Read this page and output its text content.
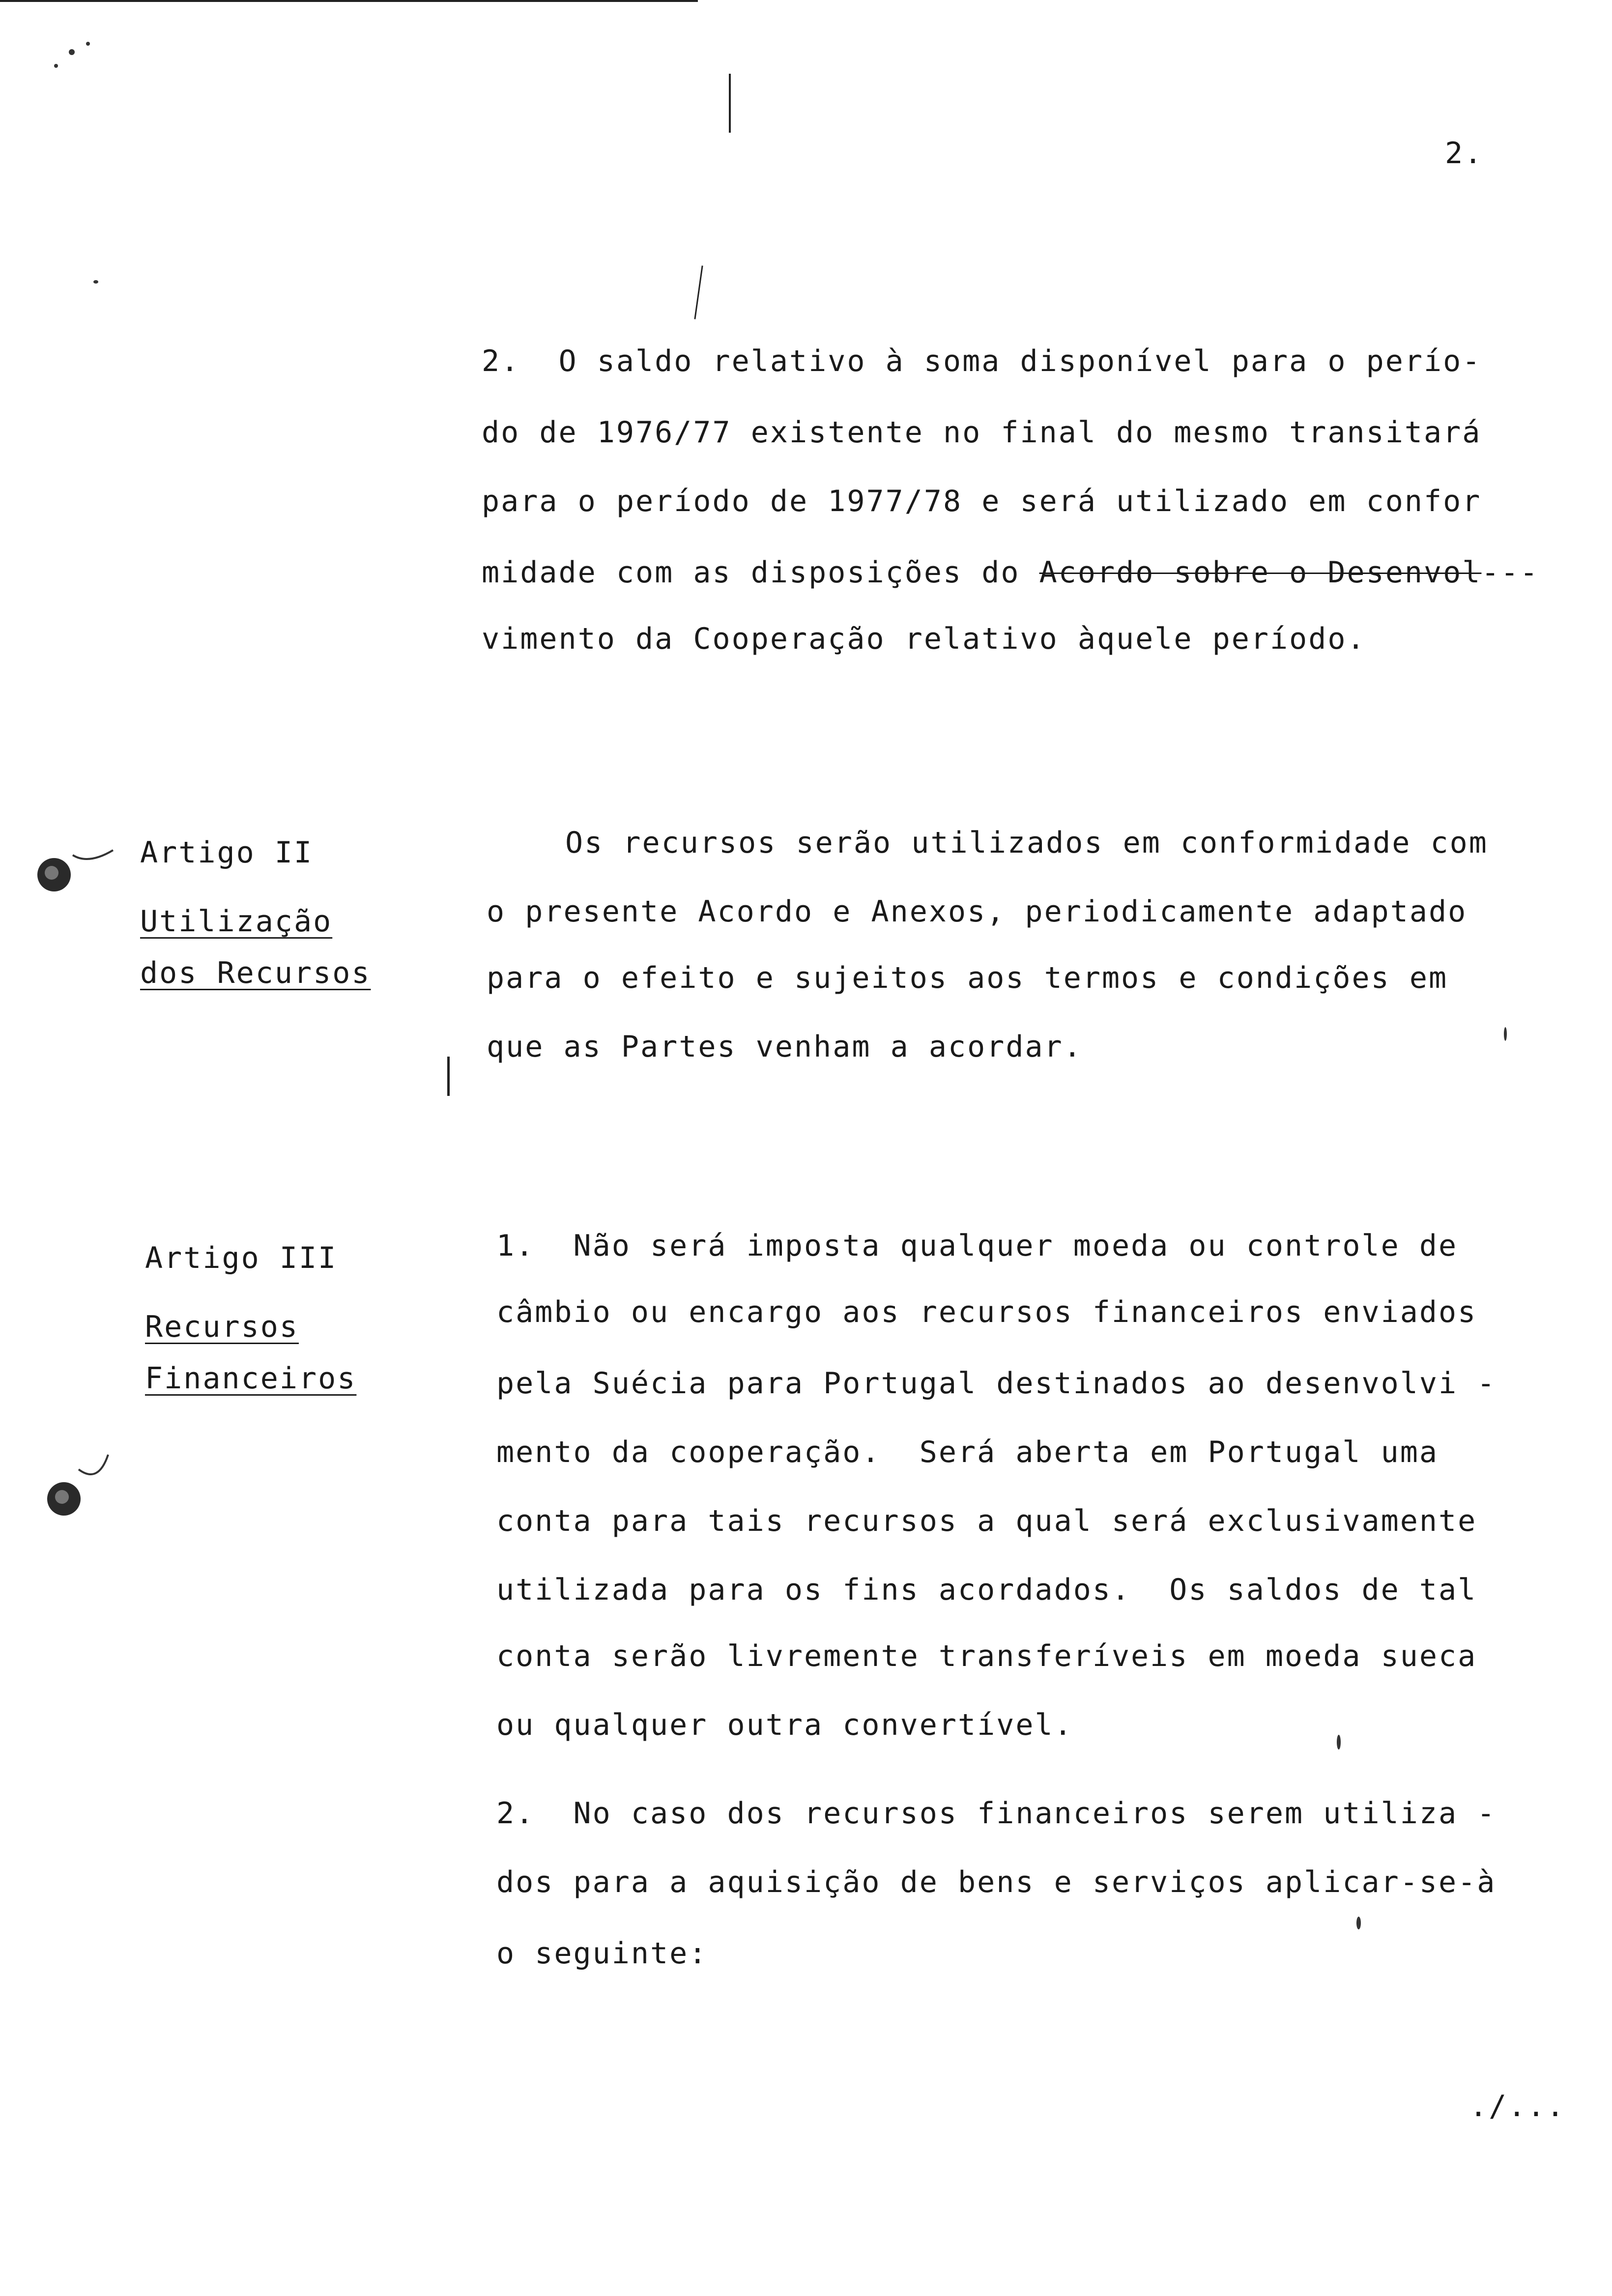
2.
2.  O saldo relativo à soma disponível para o perío-
do de 1976/77 existente no final do mesmo transitará
para o período de 1977/78 e será utilizado em confor
midade com as disposições do Acordo sobre o Desenvol---
vimento da Cooperação relativo àquele período.
Artigo II
Utilização
dos Recursos
Os recursos serão utilizados em conformidade com
o presente Acordo e Anexos, periodicamente adaptado
para o efeito e sujeitos aos termos e condições em
que as Partes venham a acordar.
Artigo III
Recursos
Financeiros
1.  Não será imposta qualquer moeda ou controle de
câmbio ou encargo aos recursos financeiros enviados
pela Suécia para Portugal destinados ao desenvolvi -
mento da cooperação.  Será aberta em Portugal uma
conta para tais recursos a qual será exclusivamente
utilizada para os fins acordados.  Os saldos de tal
conta serão livremente transferíveis em moeda sueca
ou qualquer outra convertível.
2.  No caso dos recursos financeiros serem utiliza -
dos para a aquisição de bens e serviços aplicar-se-à
o seguinte:
./...
